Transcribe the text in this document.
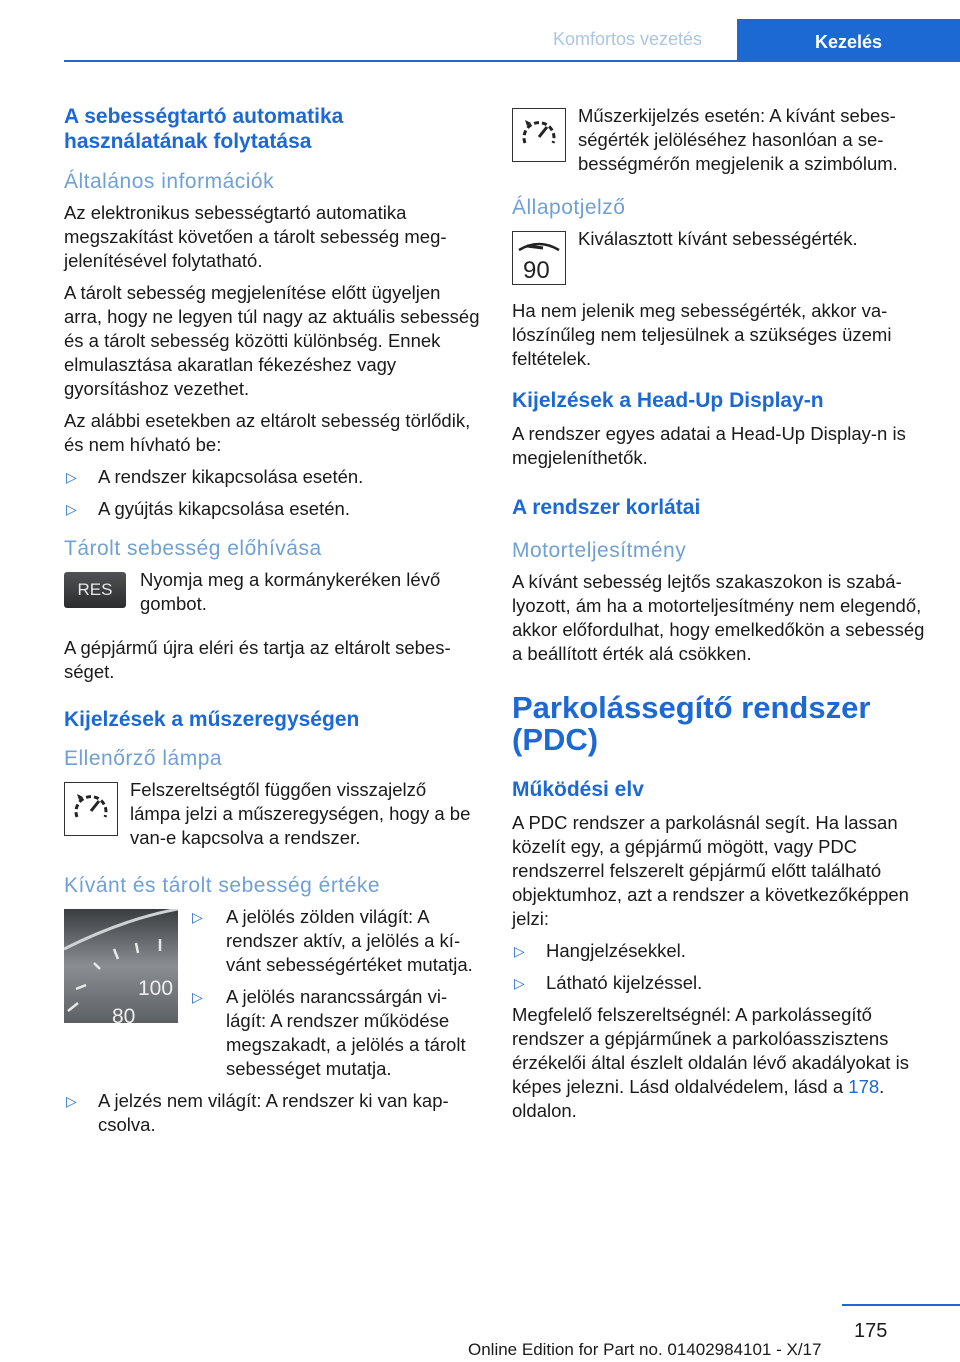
Komfortos vezetés	Kezelés
A sebességtartó automatika használatának folytatása
Általános információk

Az elektronikus sebességtartó automatika megszakítást követően a tárolt sebesség megjelenítésével folytatható.

A tárolt sebesség megjelenítése előtt ügyeljen arra, hogy ne legyen túl nagy az aktuális sebesség és a tárolt sebesség közötti különbség. Ennek elmulasztása akaratlan fékezéshez vagy gyorsításhoz vezethet.

Az alábbi esetekben az eltárolt sebesség törlődik, és nem hívható be:

▷ A rendszer kikapcsolása esetén.
▷ A gyújtás kikapcsolása esetén.
Tárolt sebesség előhívása
RES	Nyomja meg a kormánykeréken lévő gombot.

A gépjármű újra eléri és tartja az eltárolt sebességet.

Kijelzések a műszeregységen
Ellenőrző lámpa

Felszereltségtől függően visszajelző lámpa jelzi a műszeregységen, hogy a be van-e kapcsolva a rendszer.

Kívánt és tárolt sebesség értéke
100
80
▷ A jelölés zölden világít: A rendszer aktív, a jelölés a kívánt sebességértéket mutatja.
▷ A jelölés narancssárgán világít: A rendszer működése megszakadt, a jelölés a tárolt sebességet mutatja.
▷ A jelzés nem világít: A rendszer ki van kapcsolva.

Műszerkijelzés esetén: A kívánt sebességérték jelöléséhez hasonlóan a sebességmérőn megjelenik a szimbólum.

Állapotjelző
90

Kiválasztott kívánt sebességérték.

Ha nem jelenik meg sebességérték, akkor valószínűleg nem teljesülnek a szükséges üzemi feltételek.

Kijelzések a Head-Up Display-n

A rendszer egyes adatai a Head-Up Display-n is megjeleníthetők.

A rendszer korlátai
Motorteljesítmény

A kívánt sebesség lejtős szakaszokon is szabályozott, ám ha a motorteljesítmény nem elegendő, akkor előfordulhat, hogy emelkedőkön a sebesség a beállított érték alá csökken.

Parkolássegítő rendszer (PDC)
Működési elv

A PDC rendszer a parkolásnál segít. Ha lassan közelít egy, a gépjármű mögött, vagy PDC rendszerrel felszerelt gépjármű előtt található objektumhoz, azt a rendszer a következőképpen jelzi:

▷ Hangjelzésekkel.
▷ Látható kijelzéssel.

Megfelelő felszereltségnél: A parkolássegítő rendszer a gépjárműnek a parkolóasszisztens érzékelői által észlelt oldalán lévő akadályokat is képes jelezni. Lásd oldalvédelem, lásd a 178. oldalon.

175
Online Edition for Part no. 01402984101 - X/17
